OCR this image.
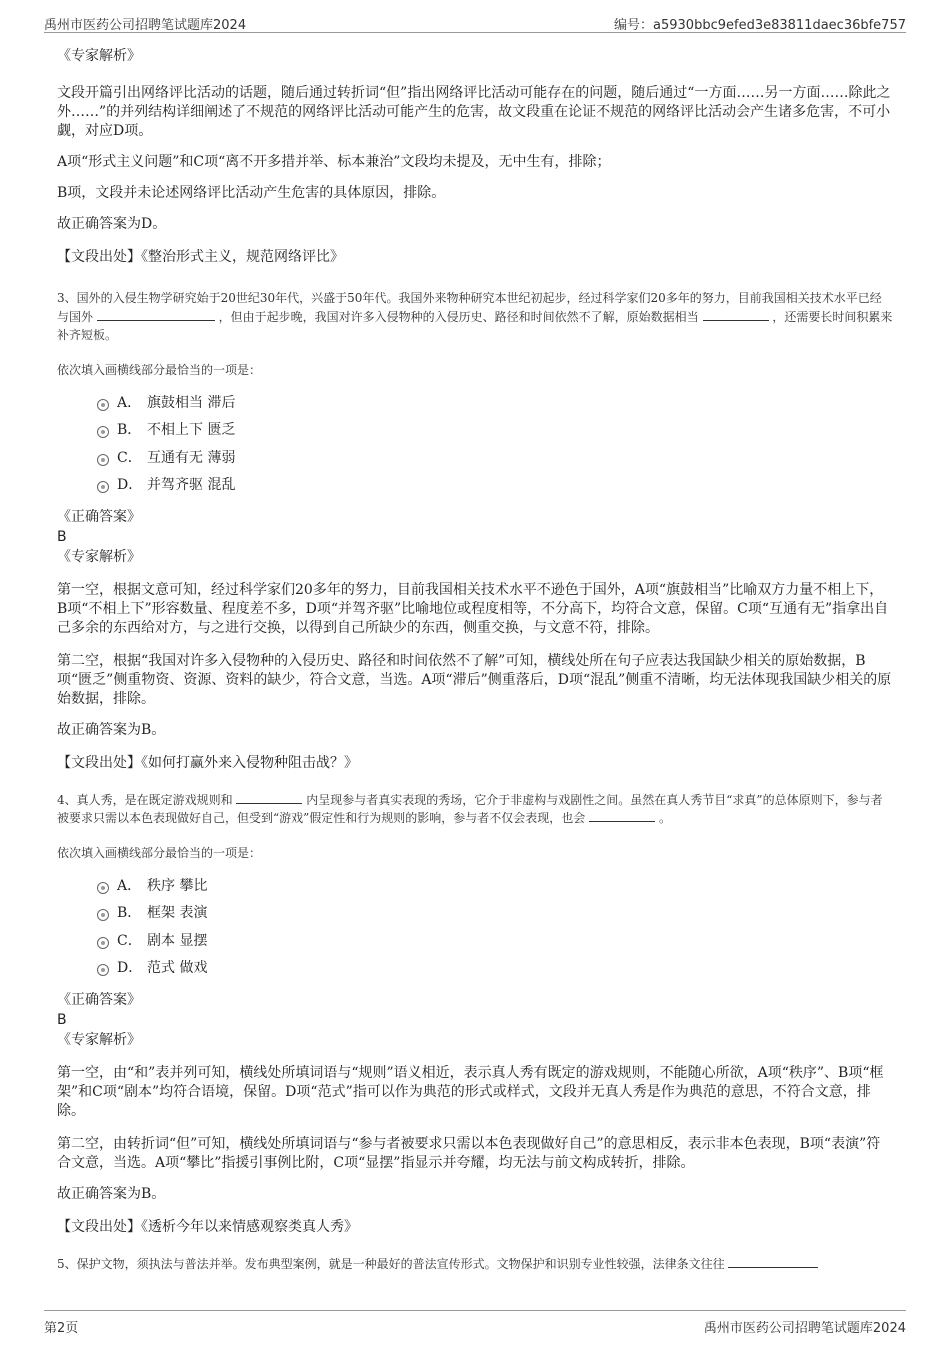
禹州市医药公司招聘笔试题库2024	编号：a5930bbc9efed3e83811daec36bfe757

《专家解析》

文段开篇引出网络评比活动的话题，随后通过转折词“但”指出网络评比活动可能存在的问题，随后通过“一方面……另一方面……除此之外……”的并列结构详细阐述了不规范的网络评比活动可能产生的危害，故文段重在论证不规范的网络评比活动会产生诸多危害，不可小觑，对应D项。

A项“形式主义问题”和C项“离不开多措并举、标本兼治”文段均未提及，无中生有，排除；

B项，文段并未论述网络评比活动产生危害的具体原因，排除。

故正确答案为D。

【文段出处】《整治形式主义，规范网络评比》

3、国外的入侵生物学研究始于20世纪30年代，兴盛于50年代。我国外来物种研究本世纪初起步，经过科学家们20多年的努力，目前我国相关技术水平已经与国外	，但由于起步晚，我国对许多入侵物种的入侵历史、路径和时间依然不了解，原始数据相当	，还需要长时间积累来补齐短板。

依次填入画横线部分最恰当的一项是：

A． 旗鼓相当 滞后
B． 不相上下 匮乏
C． 互通有无 薄弱
D． 并驾齐驱 混乱

《正确答案》

B

《专家解析》

第一空，根据文意可知，经过科学家们20多年的努力，目前我国相关技术水平不逊色于国外，A项“旗鼓相当”比喻双方力量不相上下，B项“不相上下”形容数量、程度差不多，D项“并驾齐驱”比喻地位或程度相等，不分高下，均符合文意，保留。C项“互通有无”指拿出自己多余的东西给对方，与之进行交换，以得到自己所缺少的东西，侧重交换，与文意不符，排除。

第二空，根据“我国对许多入侵物种的入侵历史、路径和时间依然不了解”可知，横线处所在句子应表达我国缺少相关的原始数据，B项“匮乏”侧重物资、资源、资料的缺少，符合文意，当选。A项“滞后”侧重落后，D项“混乱”侧重不清晰，均无法体现我国缺少相关的原始数据，排除。

故正确答案为B。

【文段出处】《如何打赢外来入侵物种阻击战？》

4、真人秀，是在既定游戏规则和	内呈现参与者真实表现的秀场，它介于非虚构与戏剧性之间。虽然在真人秀节目“求真”的总体原则下，参与者被要求只需以本色表现做好自己，但受到“游戏”假定性和行为规则的影响，参与者不仅会表现，也会	。

依次填入画横线部分最恰当的一项是：

A． 秩序 攀比
B． 框架 表演
C． 剧本 显摆
D． 范式 做戏

《正确答案》

B

《专家解析》

第一空，由“和”表并列可知，横线处所填词语与“规则”语义相近，表示真人秀有既定的游戏规则，不能随心所欲，A项“秩序”、B项“框架”和C项“剧本”均符合语境，保留。D项“范式”指可以作为典范的形式或样式，文段并无真人秀是作为典范的意思，不符合文意，排除。

第二空，由转折词“但”可知，横线处所填词语与“参与者被要求只需以本色表现做好自己”的意思相反，表示非本色表现，B项“表演”符合文意，当选。A项“攀比”指援引事例比附，C项“显摆”指显示并夸耀，均无法与前文构成转折，排除。

故正确答案为B。

【文段出处】《透析今年以来情感观察类真人秀》

5、保护文物，须执法与普法并举。发布典型案例，就是一种最好的普法宣传形式。文物保护和识别专业性较强，法律条文往往

第2页	禹州市医药公司招聘笔试题库2024
